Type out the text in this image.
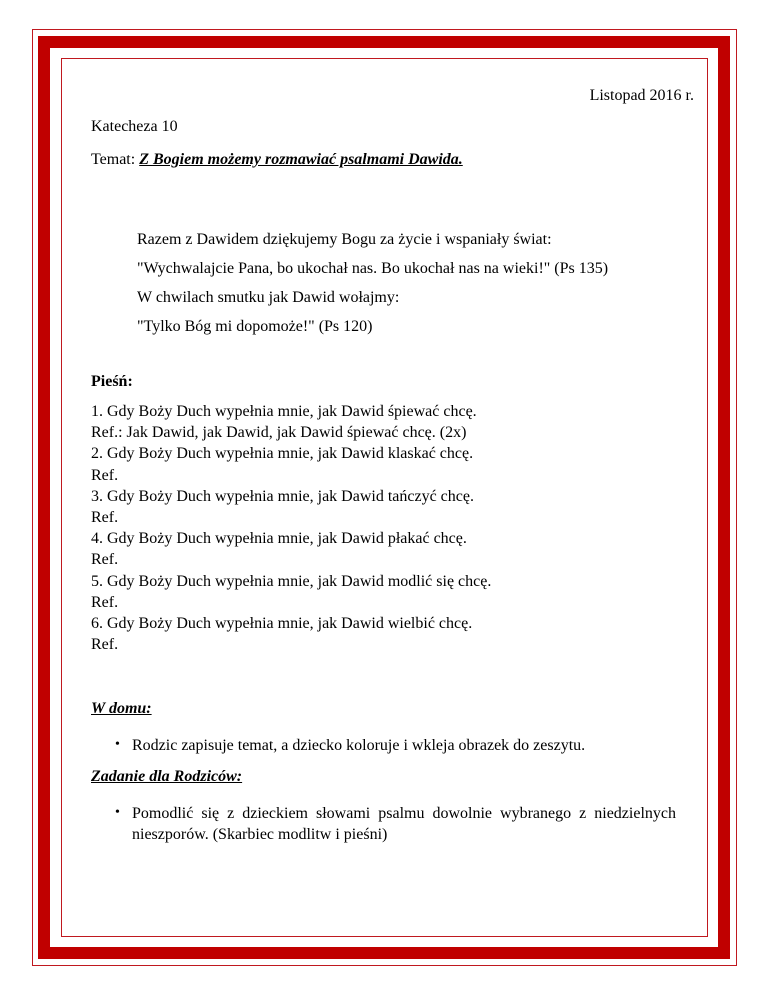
Listopad 2016 r.
Katecheza 10
Temat: Z Bogiem możemy rozmawiać psalmami Dawida.
Razem z Dawidem dziękujemy Bogu za życie i wspaniały świat:
"Wychwalajcie Pana, bo ukochał nas. Bo ukochał nas na wieki!" (Ps 135)
W chwilach smutku jak Dawid wołajmy:
"Tylko Bóg mi dopomoże!" (Ps 120)
Pieśń:
1. Gdy Boży Duch wypełnia mnie, jak Dawid śpiewać chcę.
Ref.: Jak Dawid, jak Dawid, jak Dawid śpiewać chcę. (2x)
2. Gdy Boży Duch wypełnia mnie, jak Dawid klaskać chcę.
Ref.
3. Gdy Boży Duch wypełnia mnie, jak Dawid tańczyć chcę.
Ref.
4. Gdy Boży Duch wypełnia mnie, jak Dawid płakać chcę.
Ref.
5. Gdy Boży Duch wypełnia mnie, jak Dawid modlić się chcę.
Ref.
6. Gdy Boży Duch wypełnia mnie, jak Dawid wielbić chcę.
Ref.
W domu:
• Rodzic zapisuje temat, a dziecko koloruje i wkleja obrazek do zeszytu.
Zadanie dla Rodziców:
• Pomodlić się z dzieckiem słowami psalmu dowolnie wybranego z niedzielnych nieszporów. (Skarbiec modlitw i pieśni)
